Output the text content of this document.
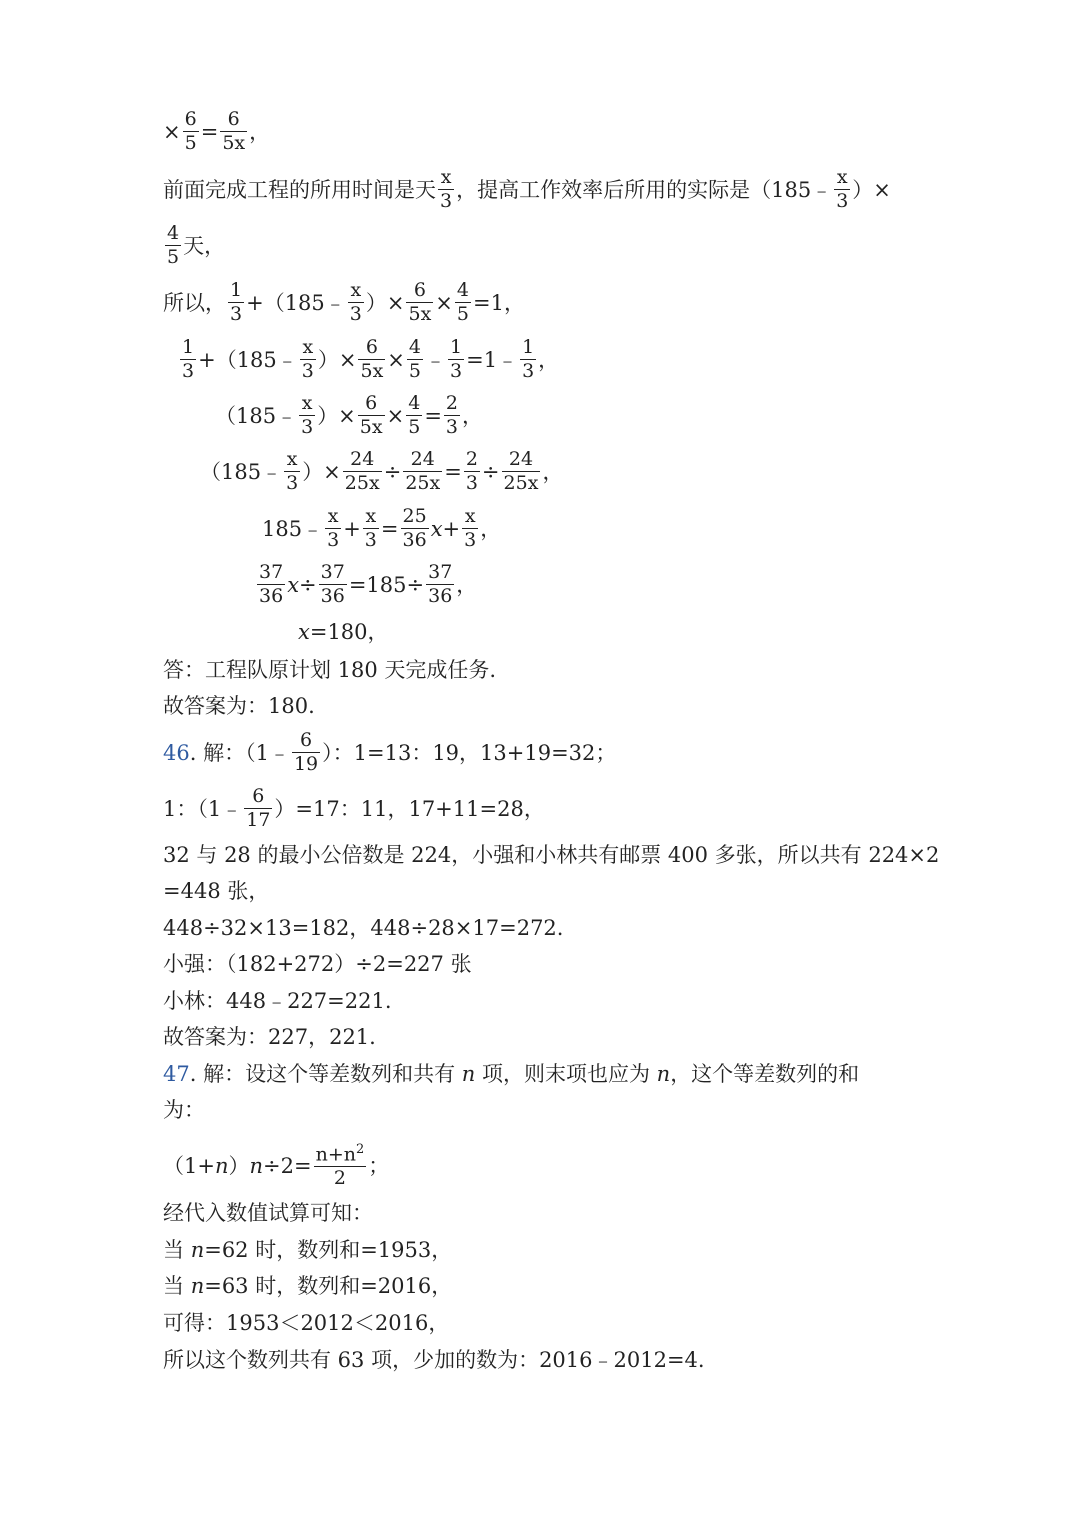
× $\frac{6}{5} = \frac{6}{5x}$ ，
前面完成工程的所用时间是天 $\frac{x}{3}$ ，提高工作效率后所用的实际是（185﹣ $\frac{x}{3}$ ）×
$\frac{4}{5}$ 天，
所以， $\frac{1}{3}$ +（185﹣ $\frac{x}{3}$ ）× $\frac{6}{5x} \times \frac{4}{5} =1$，
$\frac{1}{3}$ +（185﹣ $\frac{x}{3}$ ）× $\frac{6}{5x} \times \frac{4}{5}$ ﹣ $\frac{1}{3}$ =1﹣ $\frac{1}{3}$ ，
（185﹣ $\frac{x}{3}$ ）× $\frac{6}{5x} \times \frac{4}{5} = \frac{2}{3}$ ，
（185﹣ $\frac{x}{3}$ ）× $\frac{24}{25x} \div \frac{24}{25x} = \frac{2}{3} \div \frac{24}{25x}$ ，
185﹣ $\frac{x}{3} + \frac{x}{3} = \frac{25}{36} x+ \frac{x}{3}$ ，
$\frac{37}{36} x\div \frac{37}{36} =185\div \frac{37}{36}$ ，
x=180，
答：工程队原计划 180 天完成任务.
故答案为：180.
46. 解：（1﹣ $\frac{6}{19}$ ）：1=13：19，13+19=32；
1：（1﹣ $\frac{6}{17} )=17$：11，17+11=28，
32 与 28 的最小公倍数是 224，小强和小林共有邮票 400 多张，所以共有 224×2
=448 张，
448÷32×13=182，448÷28×17=272.
小强：（182+272）÷2=227 张
小林：448﹣227=221.
故答案为：227，221.
47. 解：设这个等差数列和共有 n 项，则末项也应为 n，这个等差数列的和
为：
$(1+n)n\div 2= \frac{n+n^2}{2}$ ；
经代入数值试算可知：
当 n=62 时，数列和=1953，
当 n=63 时，数列和=2016，
可得：1953＜2012＜2016，
所以这个数列共有 63 项，少加的数为：2016﹣2012=4.
